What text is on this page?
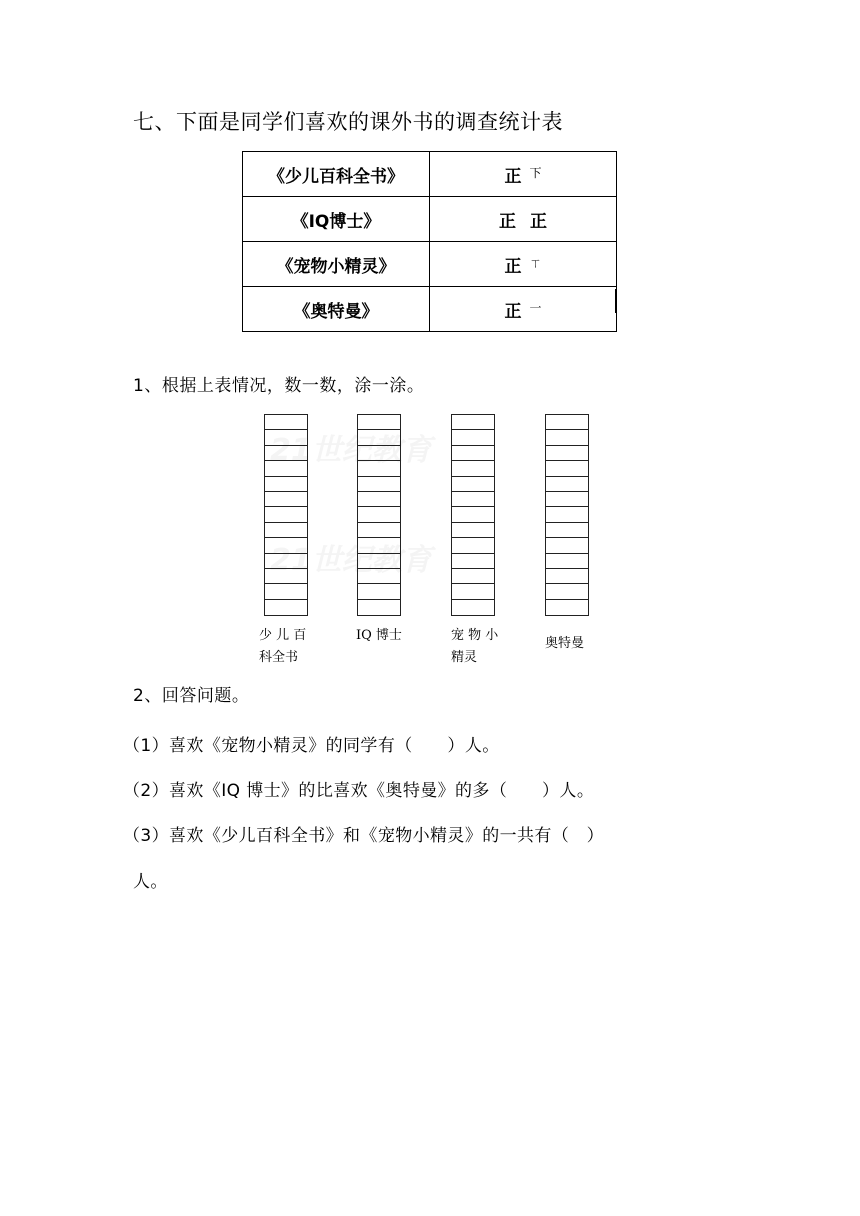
21世纪教育
21世纪教育
七、下面是同学们喜欢的课外书的调查统计表
《少儿百科全书》	正 $^下$
《IQ博士》	正 正
《宠物小精灵》	正 $^ㄒ$
《奥特曼》	正 $^一$
1、根据上表情况，数一数，涂一涂。
少 儿 百
科全书
IQ 博士	宠 物 小
精灵
奥特曼
2、回答问题。
（1）喜欢《宠物小精灵》的同学有（　　）人。
（2）喜欢《IQ 博士》的比喜欢《奥特曼》的多（　　）人。
（3）喜欢《少儿百科全书》和《宠物小精灵》的一共有（　）
人。
